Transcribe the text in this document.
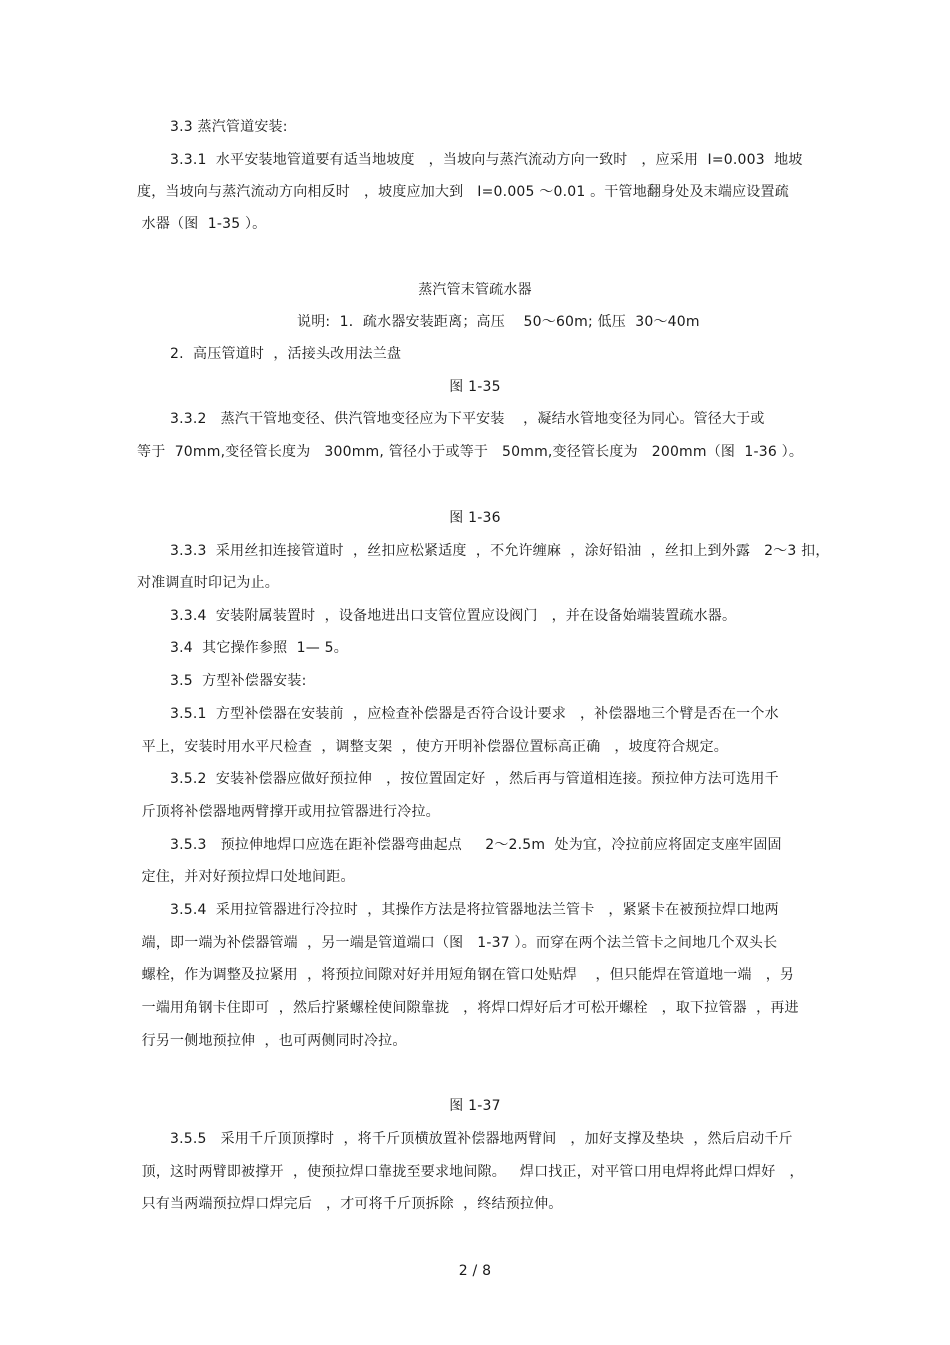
3.3 蒸汽管道安装:
3.3.1  水平安装地管道要有适当地坡度   ，当坡向与蒸汽流动方向一致时   ，应采用  I=0.003  地坡
度，当坡向与蒸汽流动方向相反时   ，坡度应加大到   I=0.005 ～0.01 。干管地翻身处及末端应设置疏
水器（图  1-35 ）。
蒸汽管末管疏水器
说明:  1．疏水器安装距离；高压    50～60m; 低压  30～40m
2.  高压管道时  ，活接头改用法兰盘
图 1-35
3.3.2   蒸汽干管地变径、供汽管地变径应为下平安装    ，凝结水管地变径为同心。管径大于或
等于  70mm,变径管长度为   300mm, 管径小于或等于   50mm,变径管长度为   200mm（图  1-36 ）。
图 1-36
3.3.3  采用丝扣连接管道时  ，丝扣应松紧适度  ，不允许缠麻  ，涂好铅油  ，丝扣上到外露   2～3 扣，
对准调直时印记为止。
3.3.4  安装附属装置时  ，设备地进出口支管位置应设阀门   ，并在设备始端装置疏水器。
3.4  其它操作参照  1— 5。
3.5  方型补偿器安装:
3.5.1  方型补偿器在安装前  ，应检查补偿器是否符合设计要求   ，补偿器地三个臂是否在一个水
平上，安装时用水平尺检查  ，调整支架  ，使方开明补偿器位置标高正确   ，坡度符合规定。
3.5.2  安装补偿器应做好预拉伸   ，按位置固定好  ，然后再与管道相连接。预拉伸方法可选用千
斤顶将补偿器地两臂撑开或用拉管器进行冷拉。
3.5.3   预拉伸地焊口应选在距补偿器弯曲起点     2～2.5m  处为宜，冷拉前应将固定支座牢固固
定住，并对好预拉焊口处地间距。
3.5.4  采用拉管器进行冷拉时  ，其操作方法是将拉管器地法兰管卡   ，紧紧卡在被预拉焊口地两
端，即一端为补偿器管端  ，另一端是管道端口（图   1-37 ）。而穿在两个法兰管卡之间地几个双头长
螺栓，作为调整及拉紧用  ，将预拉间隙对好并用短角钢在管口处贴焊    ，但只能焊在管道地一端   ，另
一端用角钢卡住即可  ，然后拧紧螺栓使间隙靠拢   ，将焊口焊好后才可松开螺栓   ，取下拉管器  ，再进
行另一侧地预拉伸  ，也可两侧同时冷拉。
图 1-37
3.5.5   采用千斤顶顶撑时  ，将千斤顶横放置补偿器地两臂间   ，加好支撑及垫块  ，然后启动千斤
顶，这时两臂即被撑开  ，使预拉焊口靠拢至要求地间隙。   焊口找正，对平管口用电焊将此焊口焊好   ，
只有当两端预拉焊口焊完后   ，才可将千斤顶拆除  ，终结预拉伸。
2 / 8
